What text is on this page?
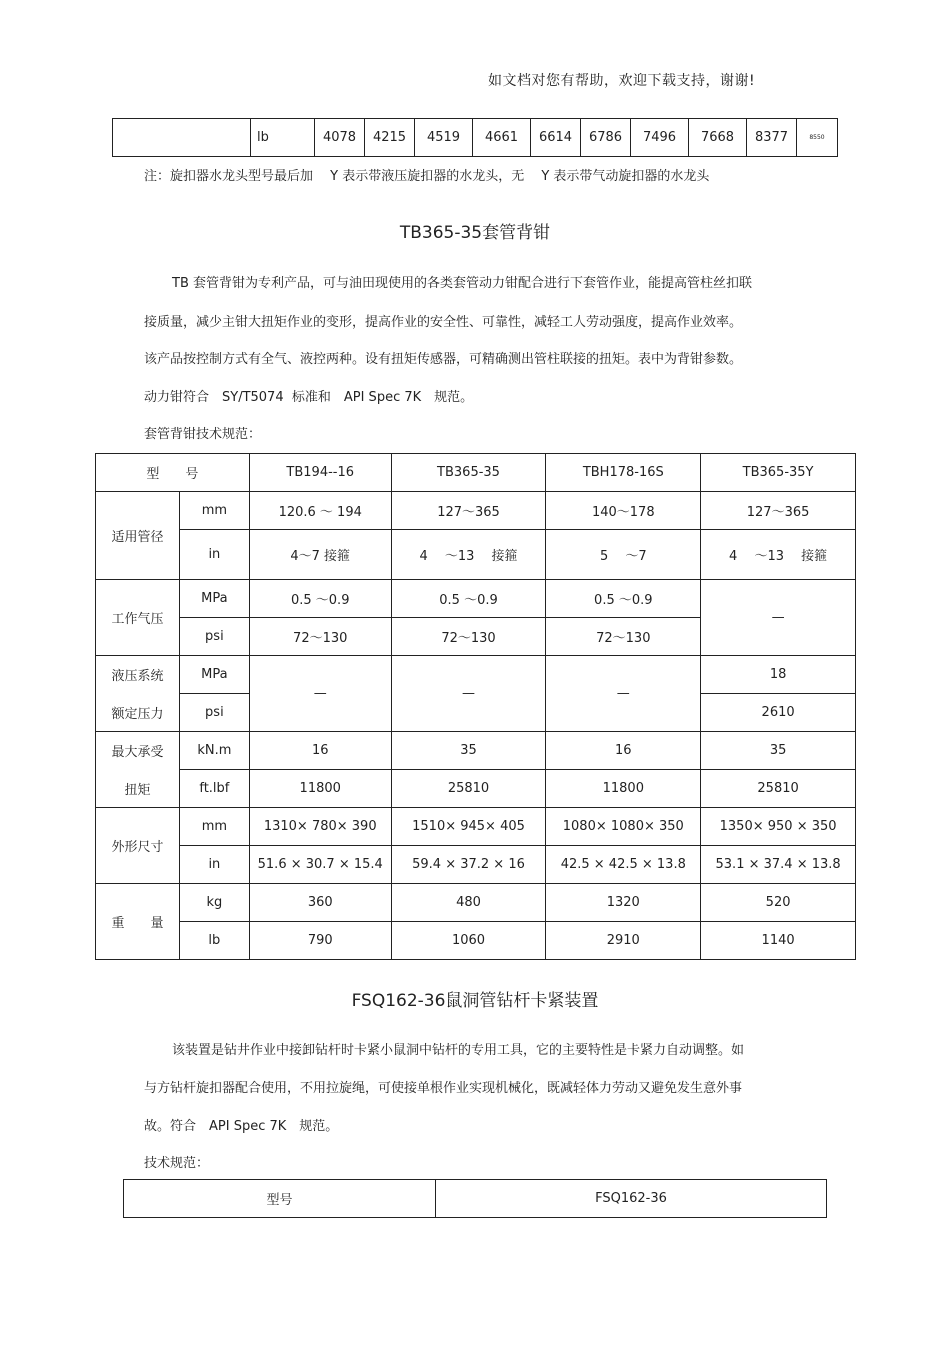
如文档对您有帮助，欢迎下载支持，谢谢!
	lb	4078	4215	4519	4661	6614	6786	7496	7668	8377	8550
注：旋扣器水龙头型号最后加　 Y 表示带液压旋扣器的水龙头，无　 Y 表示带气动旋扣器的水龙头
TB365-35套管背钳
TB 套管背钳为专利产品，可与油田现使用的各类套管动力钳配合进行下套管作业，能提高管柱丝扣联
接质量，减少主钳大扭矩作业的变形，提高作业的安全性、可靠性，减轻工人劳动强度，提高作业效率。
该产品按控制方式有全气、液控两种。设有扭矩传感器，可精确测出管柱联接的扭矩。表中为背钳参数。
动力钳符合　SY/T5074  标准和　API Spec 7K　规范。
套管背钳技术规范：
型　　号		TB194--16	TB365-35	TBH178-16S	TB365-35Y
适用管径	mm	120.6 ～ 194	127～365	140～178	127～365
	in	4～7 接箍	4　 ～13　 接箍	5　 ～7	4　 ～13　 接箍
工作气压	MPa	0.5 ～0.9	0.5 ～0.9	0.5 ～0.9	—
	psi	72～130	72～130	72～130	
液压系统	MPa	—	—	—	18
额定压力	psi				2610
最大承受	kN.m	16	35	16	35
扭矩	ft.lbf	11800	25810	11800	25810
外形尺寸	mm	1310× 780× 390	1510× 945× 405	1080× 1080× 350	1350× 950 × 350
	in	51.6 × 30.7 × 15.4	59.4 × 37.2 × 16	42.5 × 42.5 × 13.8	53.1 × 37.4 × 13.8
重　　量	kg	360	480	1320	520
	lb	790	1060	2910	1140
FSQ162-36鼠洞管钻杆卡紧装置
该装置是钻井作业中接卸钻杆时卡紧小鼠洞中钻杆的专用工具，它的主要特性是卡紧力自动调整。如
与方钻杆旋扣器配合使用，不用拉旋绳，可使接单根作业实现机械化，既减轻体力劳动又避免发生意外事
故。符合　API Spec 7K　规范。
技术规范：
型号	FSQ162-36
